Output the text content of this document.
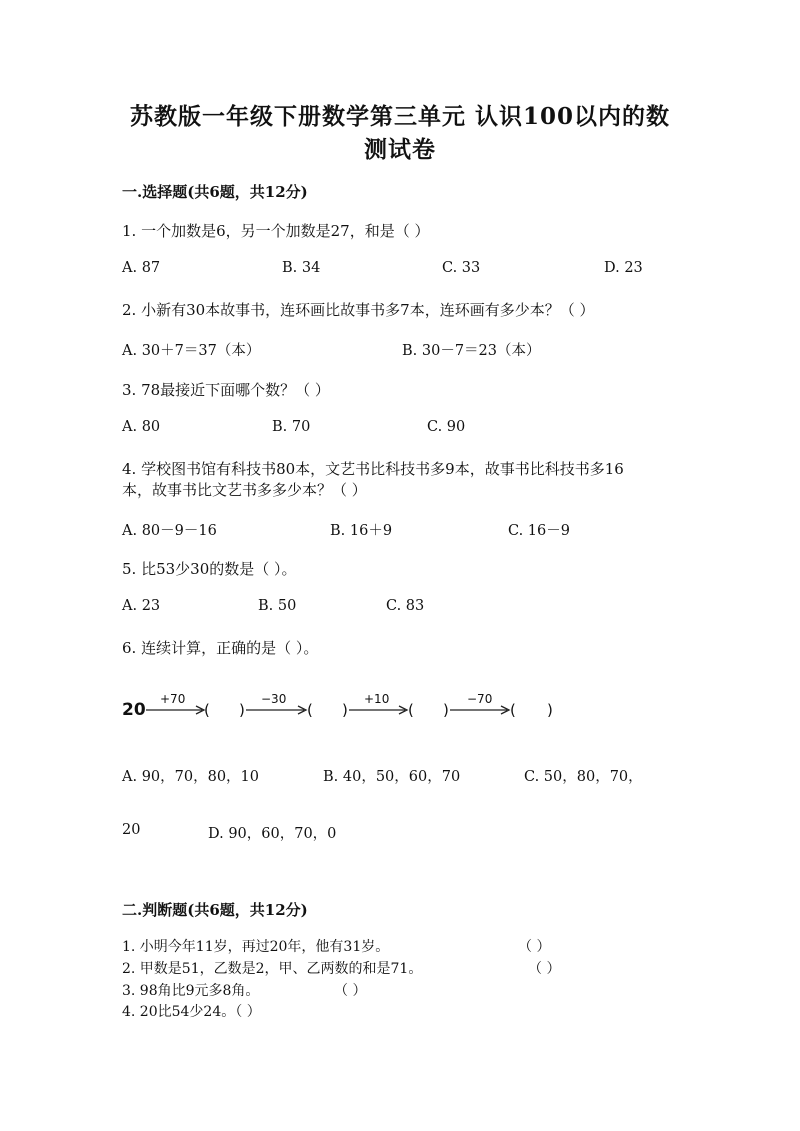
苏教版一年级下册数学第三单元 认识100以内的数
测试卷
一.选择题(共6题，共12分)
1. 一个加数是6，另一个加数是27，和是（ ）
A. 87	B. 34	C. 33	D. 23
2. 小新有30本故事书，连环画比故事书多7本，连环画有多少本？（ ）
A. 30＋7＝37（本）	B. 30－7＝23（本）
3. 78最接近下面哪个数？（ ）
A. 80	B. 70	C. 90
4. 学校图书馆有科技书80本，文艺书比科技书多9本，故事书比科技书多16
本，故事书比文艺书多多少本？（ ）
A. 80－9－16	B. 16＋9	C. 16－9
5. 比53少30的数是（ ）。
A. 23	B. 50	C. 83
6. 连续计算，正确的是（ ）。
20
+70
( )
−30
( )
+10
( )
−70
( )
A. 90，70，80，10	B. 40，50，60，70	C. 50，80，70，
20	D. 90，60，70，0
二.判断题(共6题，共12分)
1. 小明今年11岁，再过20年，他有31岁。	（ ）
2. 甲数是51，乙数是2，甲、乙两数的和是71。	（ ）
3. 98角比9元多8角。	（ ）
4. 20比54少24。（ ）
